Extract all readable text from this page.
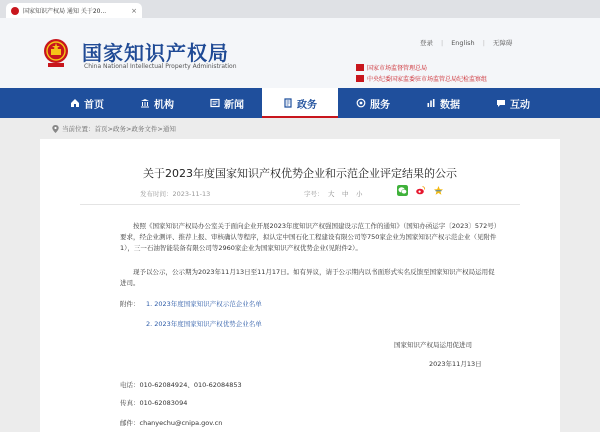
国家知识产权局 通知 关于20...	×
国家知识产权局
China National Intellectual Property Administration
登录 | English | 无障碍
国家市场监督管理总局
中央纪委国家监委驻市场监管总局纪检监察组
首页	机构	新闻	政务	服务	数据	互动
当前位置： 首页 > 政务 > 政务文件 > 通知
关于2023年度国家知识产权优势企业和示范企业评定结果的公示
发布时间：2023-11-13	字号： 大 中 小

按照《国家知识产权局办公室关于面向企业开展2023年度知识产权强国建设示范工作的通知》（国知办函运字〔2023〕572号）要求，经企业测评、推荐上报、审核确认等程序，拟认定中国石化工程建设有限公司等750家企业为国家知识产权示范企业（见附件1），三一石油智能装备有限公司等2960家企业为国家知识产权优势企业(见附件2）。

现予以公示，公示期为2023年11月13日至11月17日。如有异议，请于公示期内以书面形式实名反馈至国家知识产权局运用促进司。

附件： 1. 2023年度国家知识产权示范企业名单
2. 2023年度国家知识产权优势企业名单
国家知识产权局运用促进司
2023年11月13日
电话：010-62084924、010-62084853
传真：010-62083094
邮件：chanyechu@cnipa.gov.cn
